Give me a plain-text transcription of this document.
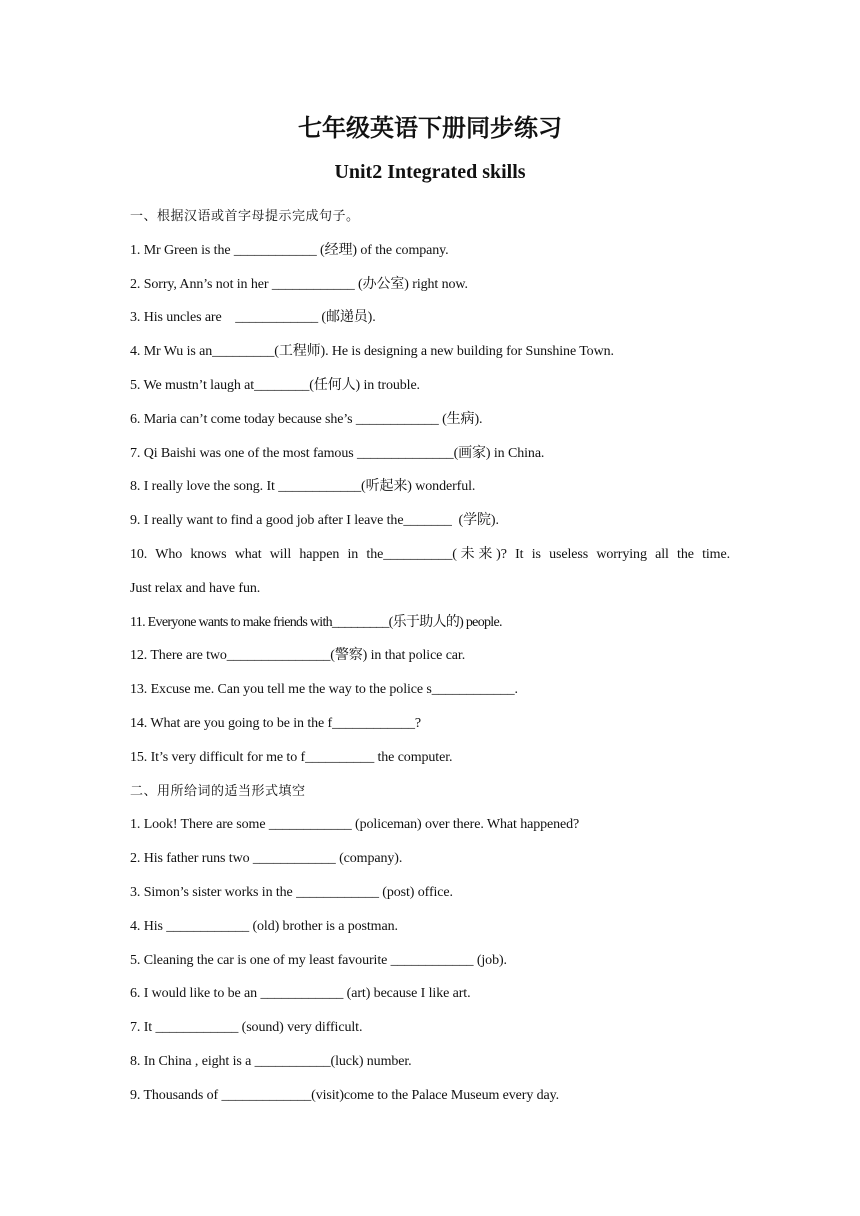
七年级英语下册同步练习
Unit2 Integrated skills
一、根据汉语或首字母提示完成句子。
1. Mr Green is the ____________ (经理) of the company.
2. Sorry, Ann’s not in her ____________ (办公室) right now.
3. His uncles are    ____________ (邮递员).
4. Mr Wu is an_________(工程师). He is designing a new building for Sunshine Town.
5. We mustn’t laugh at________(任何人) in trouble.
6. Maria can’t come today because she’s ____________ (生病).
7. Qi Baishi was one of the most famous ______________(画家) in China.
8. I really love the song. It ____________(听起来) wonderful.
9. I really want to find a good job after I leave the_______  (学院).
10. Who knows what will happen in the__________(未来)? It is useless worrying all the time.
Just relax and have fun.
11. Everyone wants to make friends with_________(乐于助人的) people.
12. There are two_______________(警察) in that police car.
13. Excuse me. Can you tell me the way to the police s____________.
14. What are you going to be in the f____________?
15. It’s very difficult for me to f__________ the computer.
二、用所给词的适当形式填空
1. Look! There are some ____________ (policeman) over there. What happened?
2. His father runs two ____________ (company).
3. Simon’s sister works in the ____________ (post) office.
4. His ____________ (old) brother is a postman.
5. Cleaning the car is one of my least favourite ____________ (job).
6. I would like to be an ____________ (art) because I like art.
7. It ____________ (sound) very difficult.
8. In China , eight is a ___________(luck) number.
9. Thousands of _____________(visit)come to the Palace Museum every day.
